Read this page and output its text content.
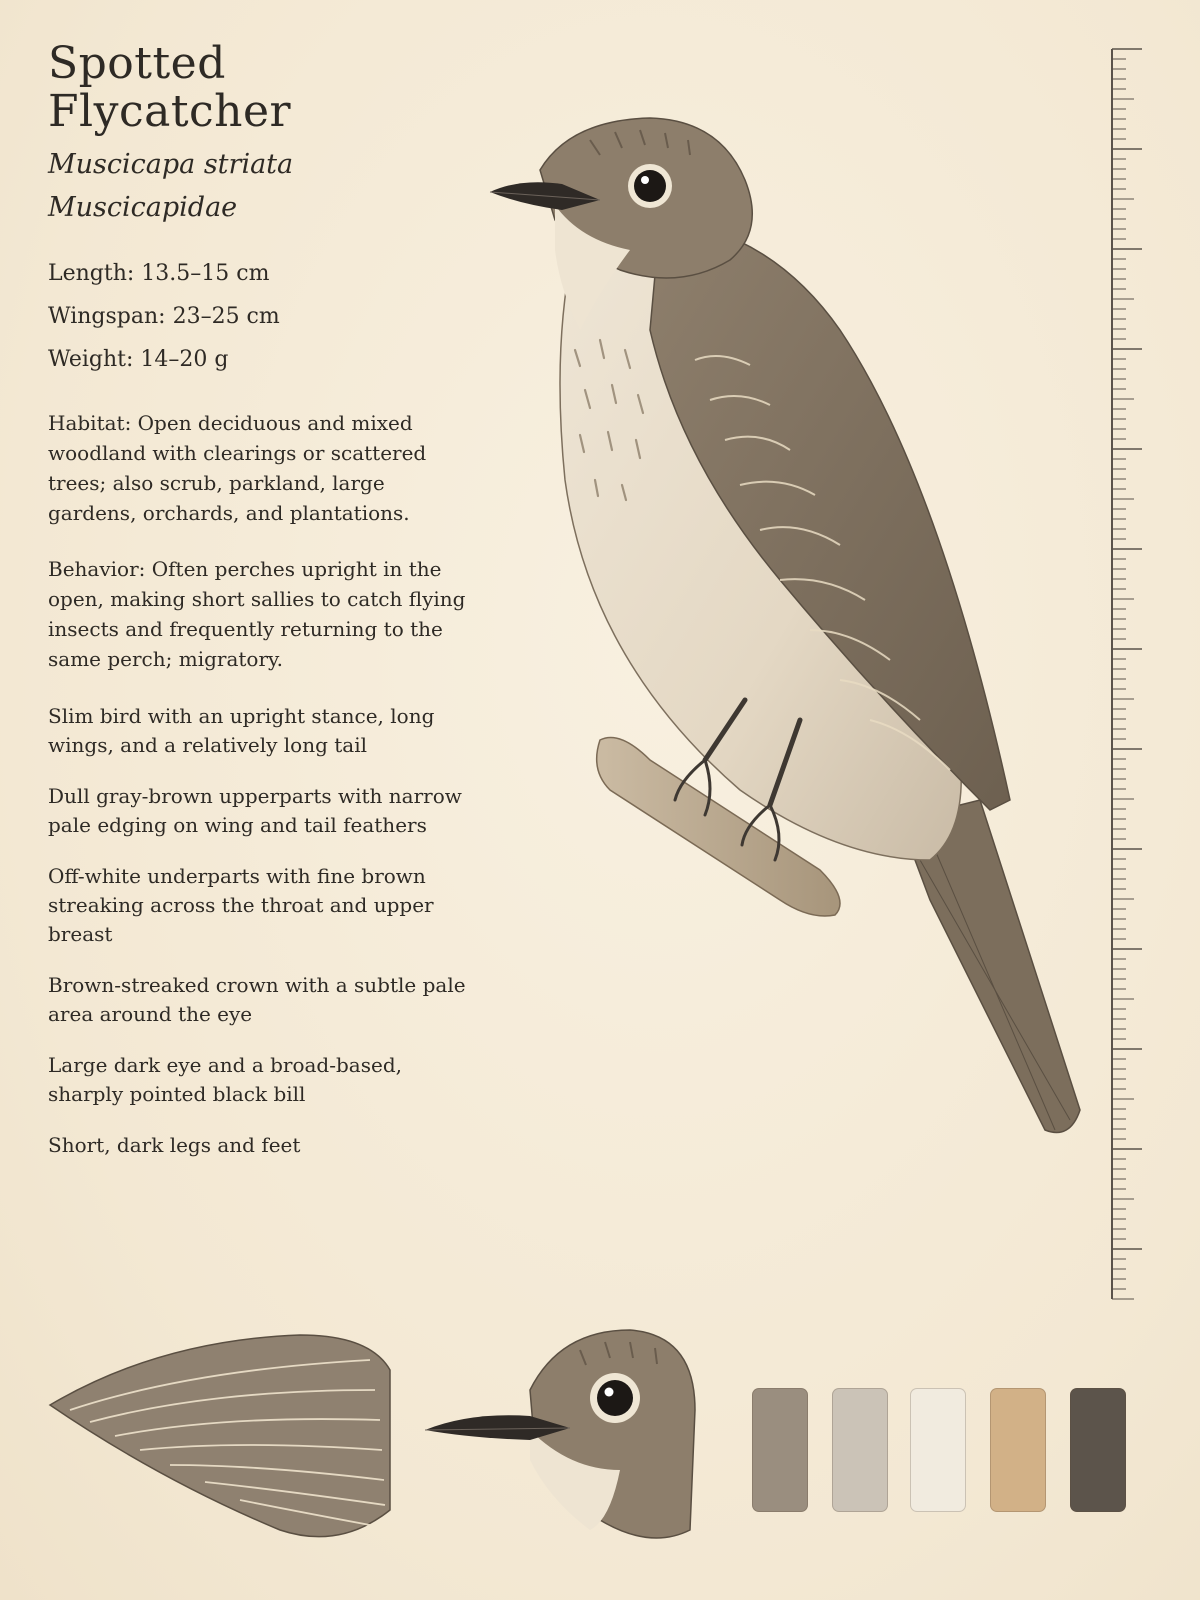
Spotted Flycatcher
Muscicapa striata
Muscicapidae
Length: 13.5–15 cm
Wingspan: 23–25 cm
Weight: 14–20 g

Habitat: Open deciduous and mixed woodland with clearings or scattered trees; also scrub, parkland, large gardens, orchards, and plantations.

Behavior: Often perches upright in the open, making short sallies to catch flying insects and frequently returning to the same perch; migratory.

Slim bird with an upright stance, long wings, and a relatively long tail

Dull gray-brown upperparts with narrow pale edging on wing and tail feathers

Off-white underparts with fine brown streaking across the throat and upper breast

Brown-streaked crown with a subtle pale area around the eye

Large dark eye and a broad-based, sharply pointed black bill

Short, dark legs and feet
